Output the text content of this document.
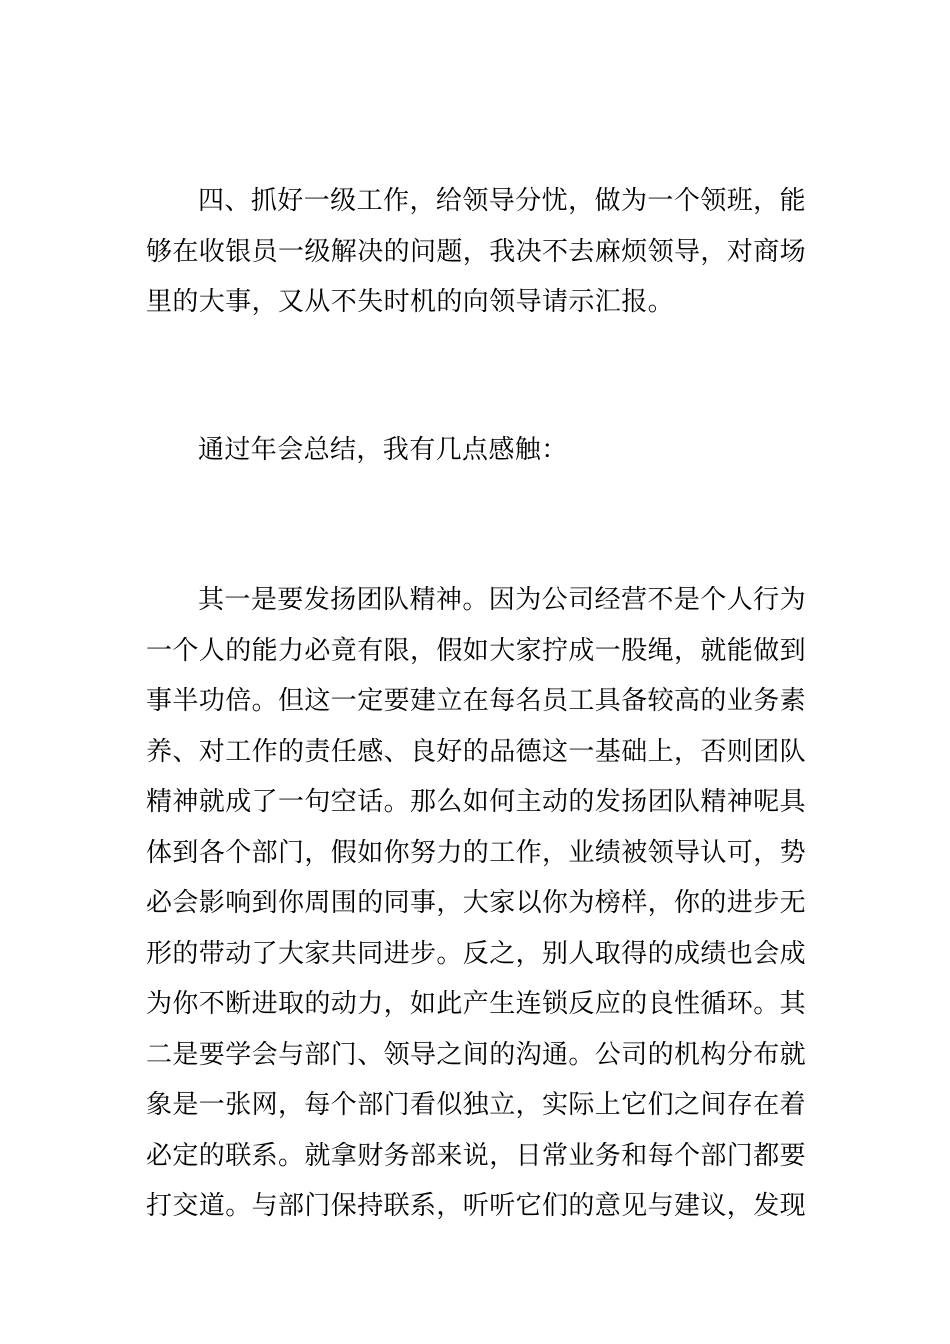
四、抓好一级工作，给领导分忧，做为一个领班，能够在收银员一级解决的问题，我决不去麻烦领导，对商场里的大事，又从不失时机的向领导请示汇报。

通过年会总结，我有几点感触：

其一是要发扬团队精神。因为公司经营不是个人行为一个人的能力必竟有限，假如大家拧成一股绳，就能做到事半功倍。但这一定要建立在每名员工具备较高的业务素养、对工作的责任感、良好的品德这一基础上，否则团队精神就成了一句空话。那么如何主动的发扬团队精神呢具体到各个部门，假如你努力的工作，业绩被领导认可，势必会影响到你周围的同事，大家以你为榜样，你的进步无形的带动了大家共同进步。反之，别人取得的成绩也会成为你不断进取的动力，如此产生连锁反应的良性循环。其二是要学会与部门、领导之间的沟通。公司的机构分布就象是一张网，每个部门看似独立，实际上它们之间存在着必定的联系。就拿财务部来说，日常业务和每个部门都要打交道。与部门保持联系，听听它们的意见与建议，发现
